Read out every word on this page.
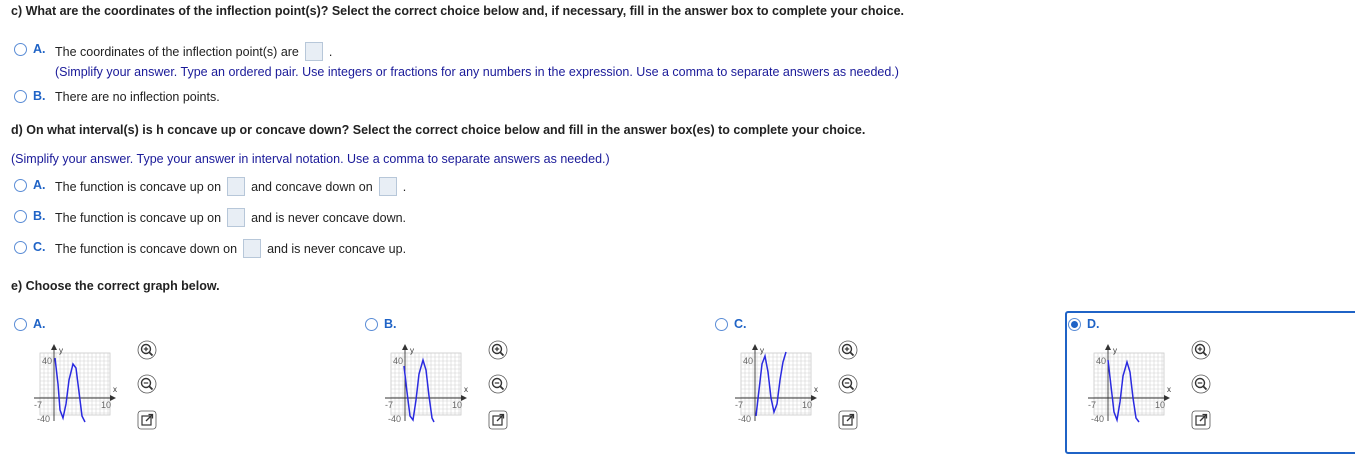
c) What are the coordinates of the inflection point(s)? Select the correct choice below and, if necessary, fill in the answer box to complete your choice.
A. The coordinates of the inflection point(s) are .
(Simplify your answer. Type an ordered pair. Use integers or fractions for any numbers in the expression. Use a comma to separate answers as needed.)
B. There are no inflection points.
d) On what interval(s) is h concave up or concave down? Select the correct choice below and fill in the answer box(es) to complete your choice.
(Simplify your answer. Type your answer in interval notation. Use a comma to separate answers as needed.)
A. The function is concave up on and concave down on .
B. The function is concave up on and is never concave down.
C. The function is concave down on and is never concave up.
e) Choose the correct graph below.
A.
y
40
-40
-7	10
x
B.
y
40
-40
-7	10
x
C.
y
40
-40
-7	10
x
D.
y
40
-40
-7	10
x
